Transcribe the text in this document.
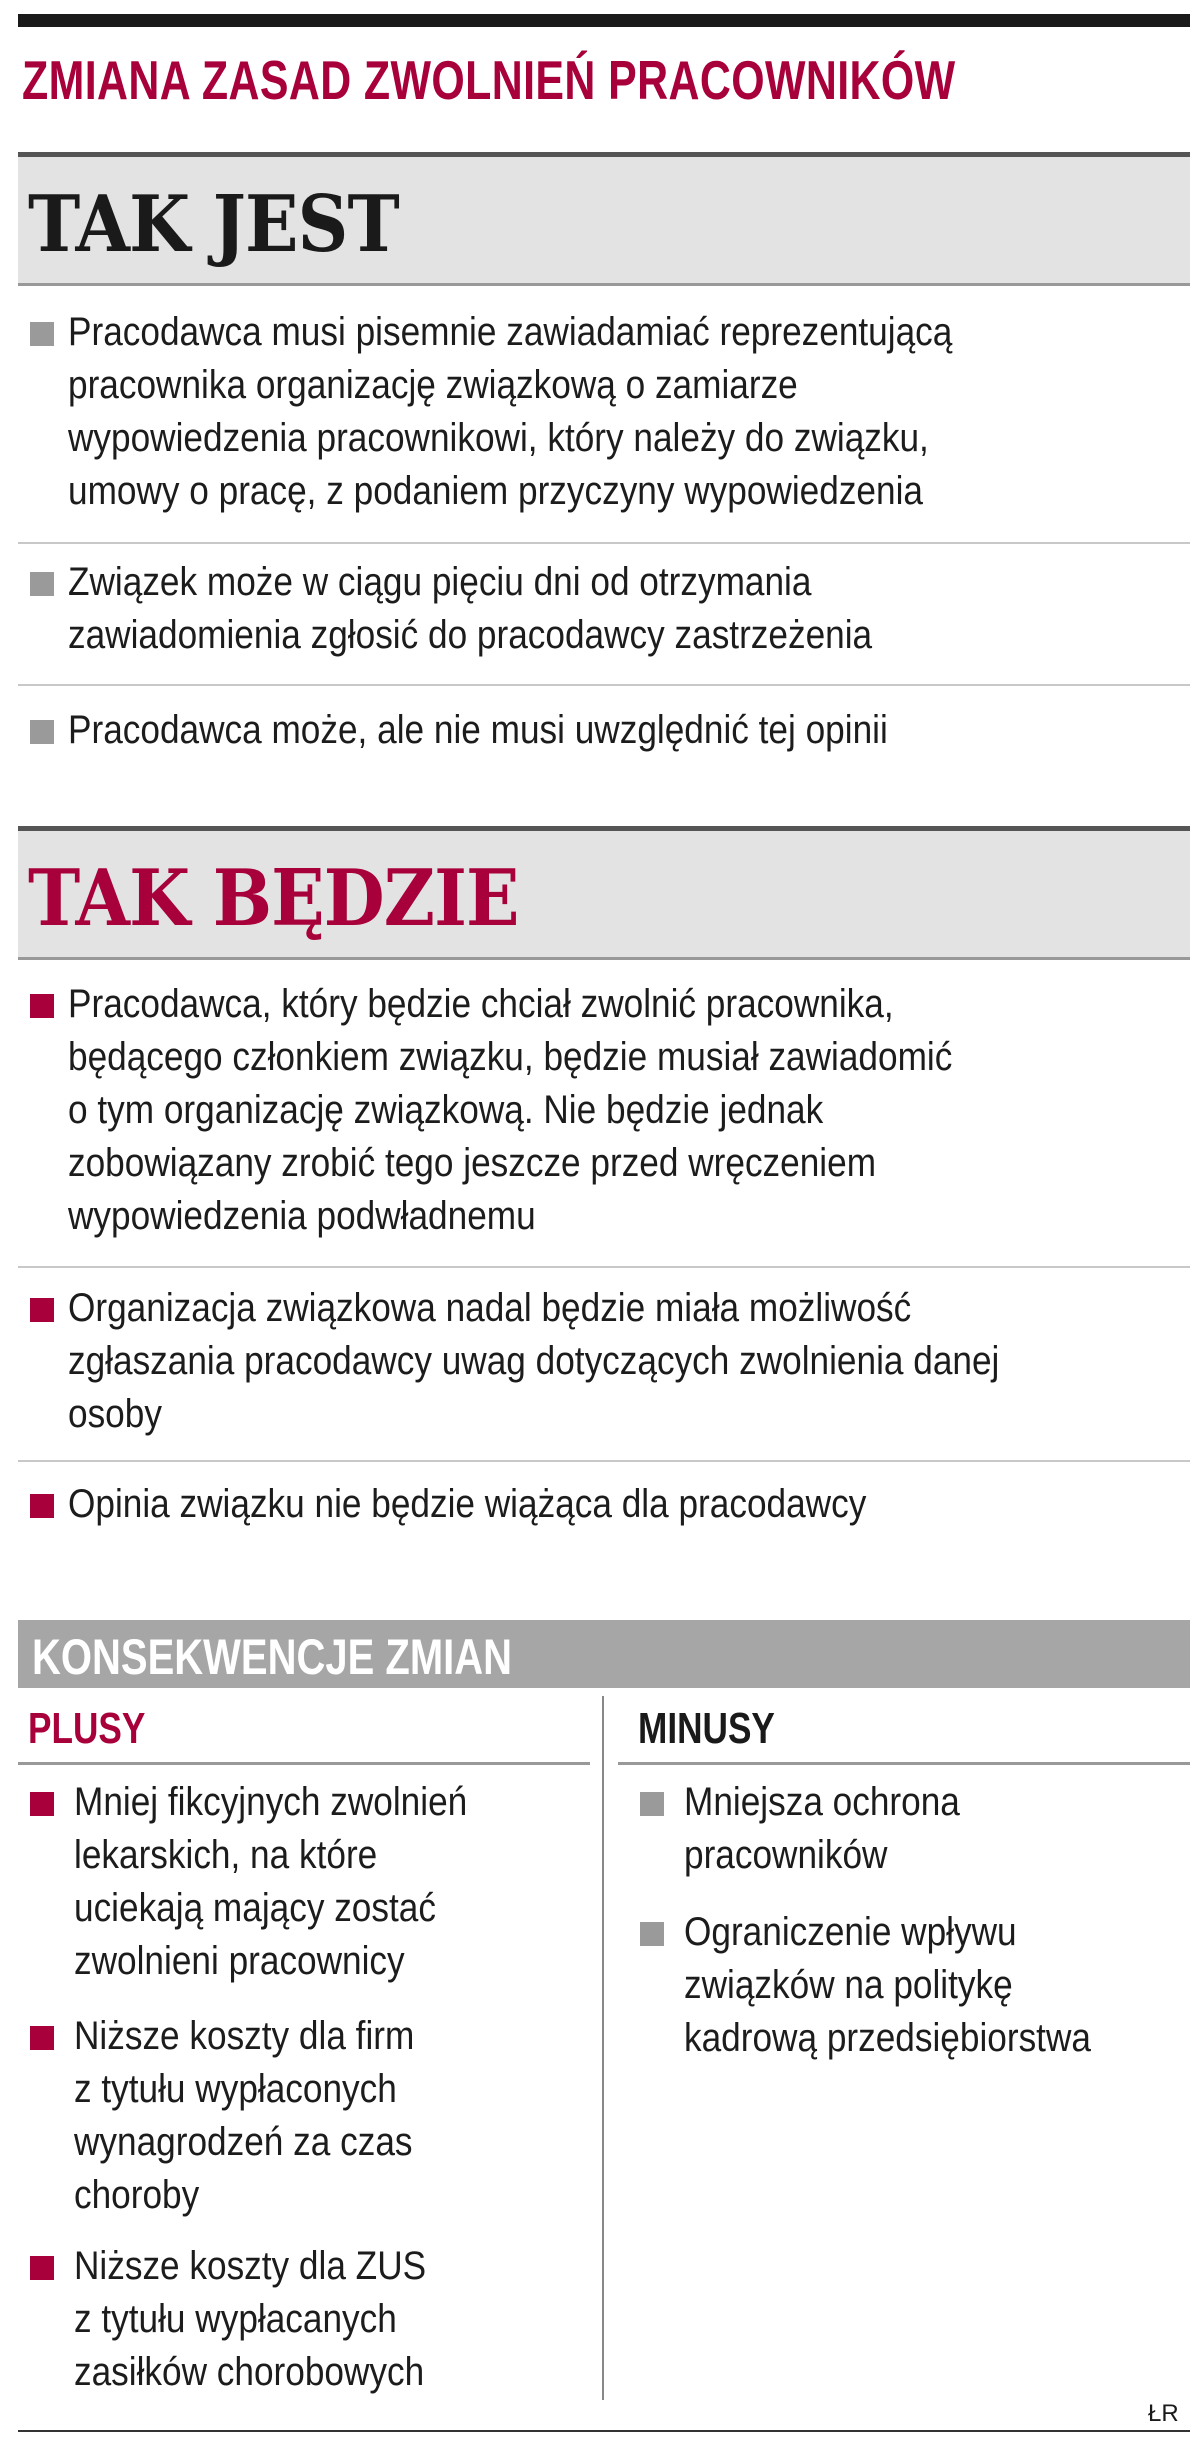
ZMIANA ZASAD ZWOLNIEŃ PRACOWNIKÓW
TAK JEST
Pracodawca musi pisemnie zawiadamiać reprezentującą
pracownika organizację związkową o zamiarze
wypowiedzenia pracownikowi, który należy do związku,
umowy o pracę, z podaniem przyczyny wypowiedzenia
Związek może w ciągu pięciu dni od otrzymania
zawiadomienia zgłosić do pracodawcy zastrzeżenia
Pracodawca może, ale nie musi uwzględnić tej opinii
TAK BĘDZIE
Pracodawca, który będzie chciał zwolnić pracownika,
będącego członkiem związku, będzie musiał zawiadomić
o tym organizację związkową. Nie będzie jednak
zobowiązany zrobić tego jeszcze przed wręczeniem
wypowiedzenia podwładnemu
Organizacja związkowa nadal będzie miała możliwość
zgłaszania pracodawcy uwag dotyczących zwolnienia danej
osoby
Opinia związku nie będzie wiążąca dla pracodawcy
KONSEKWENCJE ZMIAN
PLUSY	MINUSY
Mniej fikcyjnych zwolnień
lekarskich, na które
uciekają mający zostać
zwolnieni pracownicy
Niższe koszty dla firm
z tytułu wypłaconych
wynagrodzeń za czas
choroby
Niższe koszty dla ZUS
z tytułu wypłacanych
zasiłków chorobowych
Mniejsza ochrona
pracowników
Ograniczenie wpływu
związków na politykę
kadrową przedsiębiorstwa
ŁR
